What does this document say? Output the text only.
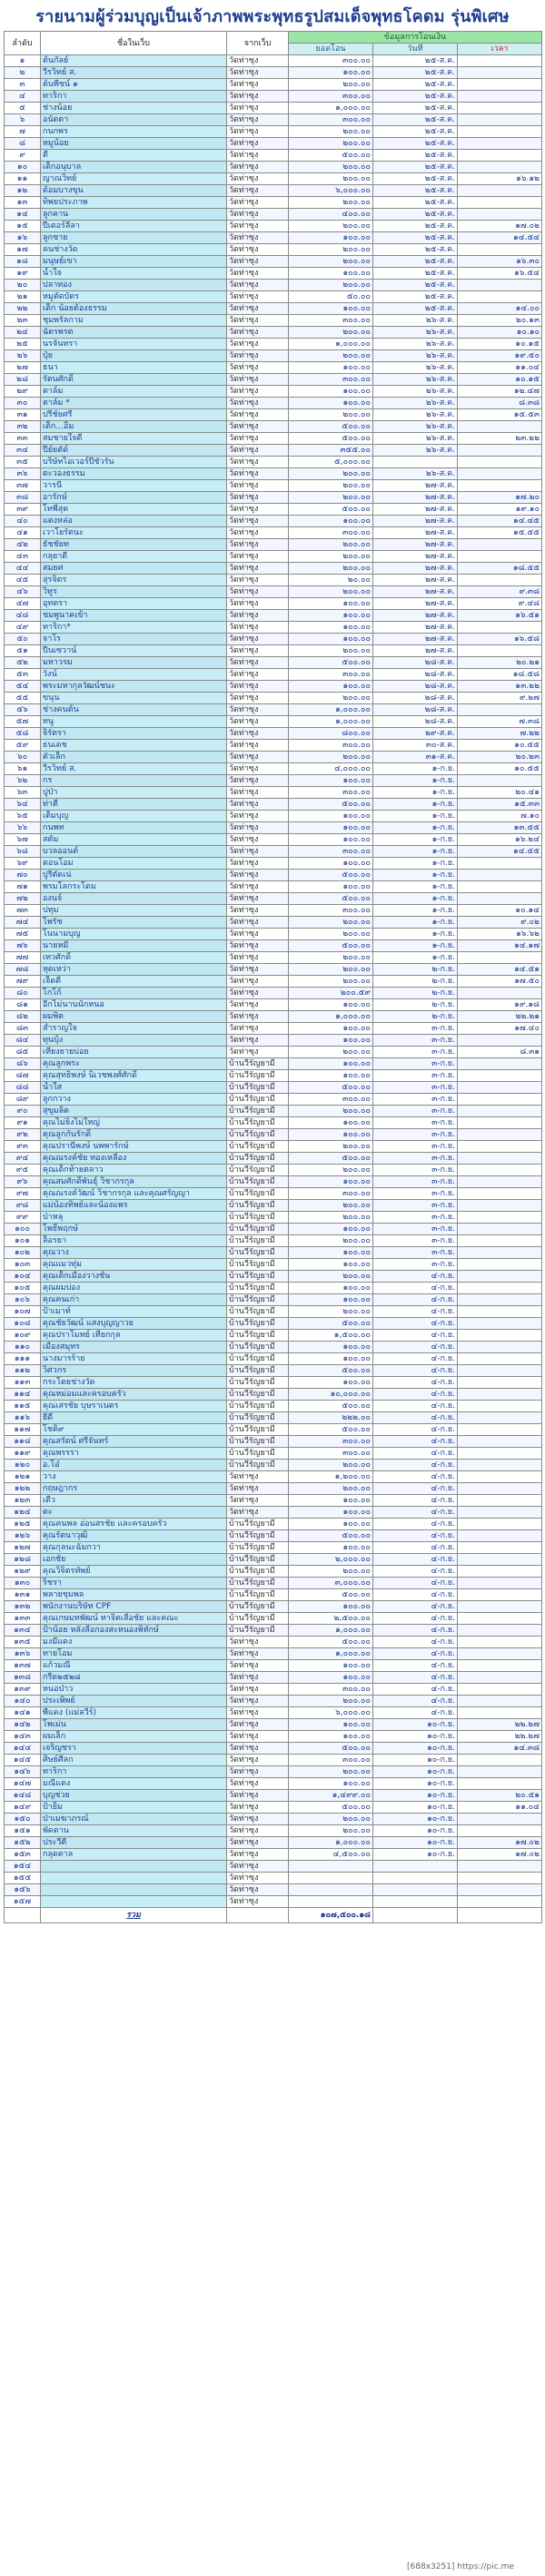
รายนามผู้ร่วมบุญเป็นเจ้าภาพพระพุทธรูปสมเด็จพุทธโคดม รุ่นพิเศษ
ลำดับ	ชื่อในเว็บ	จากเว็บ	ข้อมูลการโอนเงิน		
			ยอดโอน	วันที่	เวลา
๑	ต้นกัลย์	วัดท่าซุง	๓๐๐.๐๐	๒๕-ส.ค.	
๒	วีรวิทย์ ส.	วัดท่าซุง	๑๐๐.๐๐	๒๕-ส.ค.	
๓	ต้นพีชน์ ๑	วัดท่าซุง	๒๐๐.๐๐	๒๕-ส.ค.	
๔	ทาริกา	วัดท่าซุง	๓๐๐.๐๐	๒๕-ส.ค.	
๕	ช่างน้อย	วัดท่าซุง	๑,๐๐๐.๐๐	๒๕-ส.ค.	
๖	อนัตตา	วัดท่าซุง	๓๐๐.๐๐	๒๕-ส.ค.	
๗	กนกพร	วัดท่าซุง	๒๐๐.๐๐	๒๕-ส.ค.	
๘	หมูน้อย	วัดท่าซุง	๒๐๐.๐๐	๒๕-ส.ค.	
๙	ตี๋	วัดท่าซุง	๕๐๐.๐๐	๒๕-ส.ค.	
๑๐	เด็กอนุบาล	วัดท่าซุง	๒๐๐.๐๐	๒๕-ส.ค.	
๑๑	ญาณวิทย์	วัดท่าซุง	๒๐๐.๐๐	๒๕-ส.ค.	๑๖.๑๒
๑๒	ต้อมบางขุน	วัดท่าซุง	๖,๐๐๐.๐๐	๒๕-ส.ค.	
๑๓	ทิพยประภาพ	วัดท่าซุง	๒๐๐.๐๐	๒๕-ส.ค.	
๑๔	ลูกคาน	วัดท่าซุง	๔๐๐.๐๐	๒๕-ส.ค.	
๑๕	ปีเตอร์ลีลา	วัดท่าซุง	๒๐๐.๐๐	๒๕-ส.ค.	๑๗.๐๒
๑๖	ลูกชาย	วัดท่าซุง	๑๐๐.๐๐	๒๕-ส.ค.	๑๔.๕๔
๑๗	คนช่างวัด	วัดท่าซุง	๒๐๐.๐๐	๒๕-ส.ค.	
๑๘	มนุษย์เขา	วัดท่าซุง	๒๐๐.๐๐	๒๕-ส.ค.	๑๖.๓๐
๑๙	น้ำใจ	วัดท่าซุง	๑๐๐.๐๐	๒๕-ส.ค.	๑๖.๕๔
๒๐	ปลาทอง	วัดท่าซุง	๒๐๐.๐๐	๒๕-ส.ค.	
๒๑	หมูตัดบัตร	วัดท่าซุง	๕๐.๐๐	๒๕-ส.ค.	
๒๒	เด็ก น้อยต้องธรรม	วัดท่าซุง	๑๐๐.๐๐	๒๕-ส.ค.	๑๔.๐๐
๒๓	ชุมพรัลกาม	วัดท่าซุง	๓๐๐.๐๐	๒๖-ส.ค.	๒๐.๑๓
๒๔	ฉัตรพรต	วัดท่าซุง	๒๐๐.๐๐	๒๖-ส.ค.	๑๐.๑๐
๒๕	นรจันทรา	วัดท่าซุง	๑,๐๐๐.๐๐	๒๖-ส.ค.	๑๐.๑๕
๒๖	ปุ๋ย	วัดท่าซุง	๒๐๐.๐๐	๒๖-ส.ค.	๑๙.๕๐
๒๗	ธนา	วัดท่าซุง	๑๐๐.๐๐	๒๖-ส.ค.	๑๑.๐๔
๒๘	รัตนศักดิ์	วัดท่าซุง	๓๐๐.๐๐	๒๖-ส.ค.	๑๐.๑๕
๒๙	ตาล์ม	วัดท่าซุง	๑๐๐.๐๐	๒๖-ส.ค.	๑๒.๔๗
๓๐	ตาล์ม *	วัดท่าซุง	๑๐๐.๐๐	๒๖-ส.ค.	๘.๓๘
๓๑	ปรีชัยศรี	วัดท่าซุง	๒๐๐.๐๐	๒๖-ส.ค.	๑๕.๕๓
๓๒	เด็ก...อิ้ม	วัดท่าซุง	๕๐๐.๐๐	๒๖-ส.ค.	
๓๓	สมชายใจดี	วัดท่าซุง	๕๐๐.๐๐	๒๖-ส.ค.	๒๓.๒๒
๓๔	ปีย์ยตัด์	วัดท่าซุง	๓๕๕.๐๐	๒๖-ส.ค.	
๓๕	บริษัทไอเวอร์ปีชั่วรัน	วัดท่าซุง	๕,๐๐๐.๐๐		
๓๖	ตะวองธรรม	วัดท่าซุง	๒๐๐.๐๐	๒๖-ส.ค.	
๓๗	วารนี	วัดท่าซุง	๒๐๐.๐๐	๒๗-ส.ค.	
๓๘	อารักษ์	วัดท่าซุง	๒๐๐.๐๐	๒๗-ส.ค.	๑๗.๒๐
๓๙	โทพีสุด	วัดท่าซุง	๕๐๐.๐๐	๒๗-ส.ค.	๑๙.๑๐
๔๐	แตงหล่อ	วัดท่าซุง	๑๐๐.๐๐	๒๗-ส.ค.	๑๔.๔๕
๔๑	เวาโยรัตนะ	วัดท่าซุง	๓๐๐.๐๐	๒๗-ส.ค.	๑๕.๕๕
๔๒	ธัชชัยท	วัดท่าซุง	๒๐๐.๐๐	๒๗-ส.ค.	
๔๓	กลุยาดี	วัดท่าซุง	๒๐๐.๐๐	๒๗-ส.ค.	
๔๔	สมยศ	วัดท่าซุง	๒๐๐.๐๐	๒๗-ส.ค.	๑๘.๕๕
๔๕	สุรจิตร	วัดท่าซุง	๒๐.๐๐	๒๗-ส.ค.	
๔๖	วิทูร	วัดท่าซุง	๒๐๐.๐๐	๒๗-ส.ค.	๙.๓๘
๔๗	อุทตรา	วัดท่าซุง	๑๐๐.๐๐	๒๗-ส.ค.	๙.๔๘
๔๘	ชมพูนาคเข้า	วัดท่าซุง	๑๐๐.๐๐	๒๗-ส.ค.	๑๖.๕๑
๔๙	ทาริกา*	วัดท่าซุง	๑๐๐.๐๐	๒๗-ส.ค.	
๕๐	จาโร	วัดท่าซุง	๑๐๐.๐๐	๒๗-ส.ค.	๑๖.๕๘
๕๑	ปีนเซวาน์	วัดท่าซุง	๒๐๐.๐๐	๒๗-ส.ค.	
๕๒	มหาวรม	วัดท่าซุง	๕๐๐.๐๐	๒๘-ส.ค.	๒๐.๒๑
๕๓	วังน์	วัดท่าซุง	๓๐๐.๐๐	๒๘-ส.ค.	๑๘.๕๘
๕๔	พระมหากุลวัฒน์ชนะ	วัดท่าซุง	๑๐๐.๐๐	๒๘-ส.ค.	๑๓.๒๒
๕๕	ขนุน	วัดท่าซุง	๒๐๐.๐๐	๒๘-ส.ค.	๙.๒๗
๕๖	ช่างคนต้น	วัดท่าซุง	๑,๐๐๐.๐๐	๒๘-ส.ค.	
๕๗	ทนู	วัดท่าซุง	๑,๐๐๐.๐๐	๒๘-ส.ค.	๗.๓๘
๕๘	จิรัตรา	วัดท่าซุง	๘๐๐.๐๐	๒๙-ส.ค.	๗.๒๒
๕๙	ธนเดช	วัดท่าซุง	๓๐๐.๐๐	๓๐-ส.ค.	๑๐.๕๕
๖๐	ตัวเล็ก	วัดท่าซุง	๒๐๐.๐๐	๓๑-ส.ค.	๒๐.๒๓
๖๑	วีรวิทย์ ส.	วัดท่าซุง	๔,๐๐๐.๐๐	๑-ก.ย.	๑๐.๕๕
๖๒	กร	วัดท่าซุง	๑๐๐.๐๐	๑-ก.ย.	
๖๓	ปูป่า	วัดท่าซุง	๓๐๐.๐๐	๑-ก.ย.	๒๐.๔๑
๖๔	ท่าตี	วัดท่าซุง	๕๐๐.๐๐	๑-ก.ย.	๑๕.๓๓
๖๕	เต็มบุญ	วัดท่าซุง	๑๐๐.๐๐	๑-ก.ย.	๗.๑๐
๖๖	กนพท	วัดท่าซุง	๑๐๐.๐๐	๑-ก.ย.	๑๓.๕๕
๖๗	สตัม	วัดท่าซุง	๑๐๐.๐๐	๑-ก.ย.	๑๖.๒๔
๖๘	บวลออนต์	วัดท่าซุง	๓๐๐.๐๐	๑-ก.ย.	๑๔.๕๕
๖๙	ตอนโอม	วัดท่าซุง	๑๐๐.๐๐	๑-ก.ย.	
๗๐	ปูรีตัดเน่	วัดท่าซุง	๕๐๐.๐๐	๑-ก.ย.	
๗๑	พรมโลกระโดม	วัดท่าซุง	๑๐๐.๐๐	๑-ก.ย.	
๗๒	องนจ์	วัดท่าซุง	๕๐๐.๐๐	๑-ก.ย.	
๗๓	ปทุม	วัดท่าซุง	๓๐๐.๐๐	๑-ก.ย.	๑๐.๑๔
๗๔	โพรัช	วัดท่าซุง	๒๐๐.๐๐	๑-ก.ย.	๙.๐๒
๗๕	โนนามบุญ	วัดท่าซุง	๒๐๐.๐๐	๑-ก.ย.	๑๖.๖๒
๗๖	นายหมี	วัดท่าซุง	๕๐๐.๐๐	๑-ก.ย.	๑๔.๑๗
๗๗	เทวศักดิ์	วัดท่าซุง	๒๐๐.๐๐	๑-ก.ย.	
๗๘	หุดเหว่า	วัดท่าซุง	๒๐๐.๐๐	๒-ก.ย.	๑๔.๕๑
๗๙	เจ็ดดี	วัดท่าซุง	๒๐๐.๐๐	๒-ก.ย.	๑๗.๕๐
๘๐	โกโก้	วัดท่าซุง	๒๐๐.๕๙	๒-ก.ย.	
๘๑	อีกไม่นานนักหนอ	วัดท่าซุง	๑๐๐.๐๐	๒-ก.ย.	๑๙.๑๘
๘๒	ผมพิต	วัดท่าซุง	๑,๐๐๐.๐๐	๒-ก.ย.	๒๒.๒๑
๘๓	สำราญใจ	วัดท่าซุง	๑๐๐.๐๐	๓-ก.ย.	๑๗.๔๐
๘๔	ทุนบุ้ง	วัดท่าซุง	๑๐๐.๐๐	๓-ก.ย.	
๘๕	เที่ยงยายบ่อย	วัดท่าซุง	๒๐๐.๐๐	๓-ก.ย.	๘.๓๑
๘๖	คุณลูกพระ	บ้านวีรัญยามี	๑๐๐.๐๐	๓-ก.ย.	
๘๗	คุณสุทธิพงษ์ นิเวชพงศ์ศักดิ์	บ้านวีรัญยามี	๑๐๐.๐๐	๓-ก.ย.	
๘๘	น้ำใส	บ้านวีรัญยามี	๕๐๐.๐๐	๓-ก.ย.	
๘๙	ลูกกวาง	บ้านวีรัญยามี	๓๐๐.๐๐	๓-ก.ย.	
๙๐	สุขุมลิต	บ้านวีรัญยามี	๒๐๐.๐๐	๓-ก.ย.	
๙๑	คุณไม่ยิ่งไม่ใหญ่	บ้านวีรัญยามี	๑๐๐.๐๐	๓-ก.ย.	
๙๒	คุณลูกกันรักดิ์	บ้านวีรัญยามี	๑๐๐.๐๐	๓-ก.ย.	
๙๓	คุณปรานีพงษ์ นพพารักษ์	บ้านวีรัญยามี	๒๐๐.๐๐	๓-ก.ย.	
๙๔	คุณณรงค์ชัย ทองเหลือง	บ้านวีรัญยามี	๕๐๐.๐๐	๓-ก.ย.	
๙๕	คุณเด็กท้ายตลาว	บ้านวีรัญยามี	๒๐๐.๐๐	๓-ก.ย.	
๙๖	คุณสมศักดิ์พันธุ์ วิชากรกุล	บ้านวีรัญยามี	๑๐๐.๐๐	๓-ก.ย.	
๙๗	คุณณรงค์วัฒน์ วิชากรกุล และคุณศรัญญา	บ้านวีรัญยามี	๓๐๐.๐๐	๓-ก.ย.	
๙๘	แม่น้องทิพย์และน้องแพร	บ้านวีรัญยามี	๒๐๐.๐๐	๓-ก.ย.	
๙๙	ป่าหลุ	บ้านวีรัญยามี	๒๐๐.๐๐	๓-ก.ย.	
๑๐๐	โพธิ์พฤกษ์	บ้านวีรัญยามี	๑๐๐.๐๐	๓-ก.ย.	
๑๐๑	ล็อรยา	บ้านวีรัญยามี	๒๐๐.๐๐	๓-ก.ย.	
๑๐๒	คุณวาง	บ้านวีรัญยามี	๑๐๐.๐๐	๓-ก.ย.	
๑๐๓	คุณแมวทุ่ม	บ้านวีรัญยามี	๑๐๐.๐๐	๓-ก.ย.	
๑๐๔	คุณเด็กเมืองวางชั้น	บ้านวีรัญยามี	๒๐๐.๐๐	๔-ก.ย.	
๑๐๕	คุณผมบ่อง	บ้านวีรัญยามี	๑๐๐.๐๐	๔-ก.ย.	
๑๐๖	คุณคนเก่า	บ้านวีรัญยามี	๑๐๐.๐๐	๔-ก.ย.	
๑๐๗	ป้าเมาท์	บ้านวีรัญยามี	๒๐๐.๐๐	๔-ก.ย.	
๑๐๘	คุณชัยวัฒน์ แสงบุญญาวย	บ้านวีรัญยามี	๕๐๐.๐๐	๔-ก.ย.	
๑๐๙	คุณปราโมทย์ เทียกกุล	บ้านวีรัญยามี	๑,๕๐๐.๐๐	๔-ก.ย.	
๑๑๐	เมืองสมุทร	บ้านวีรัญยามี	๑๐๐.๐๐	๔-ก.ย.	
๑๑๑	นางมารร้าย	บ้านวีรัญยามี	๑๐๐.๐๐	๔-ก.ย.	
๑๑๒	วิศวกร	บ้านวีรัญยามี	๕๐๐.๐๐	๔-ก.ย.	
๑๑๓	กระโดยช่างวัด	บ้านวีรัญยามี	๑๐๐.๐๐	๔-ก.ย.	
๑๑๔	คุณหม่อมและครอบครัว	บ้านวีรัญยามี	๑๐,๐๐๐.๐๐	๔-ก.ย.	
๑๑๕	คุณเสรชัย บุษราเนตร	บ้านวีรัญยามี	๕๐๐.๐๐	๔-ก.ย.	
๑๑๖	ยีดี	บ้านวีรัญยามี	๒๒๒.๐๐	๔-ก.ย.	
๑๑๗	โชติ๙	บ้านวีรัญยามี	๕๐๐.๐๐	๔-ก.ย.	
๑๑๘	คุณสรัตน์ ศรีจันทร์	บ้านวีรัญยามี	๓๐๐.๐๐	๔-ก.ย.	
๑๑๙	คุณพรรรา	บ้านวีรัญยามี	๓๐๐.๐๐	๔-ก.ย.	
๑๒๐	อ.โอ๋	บ้านวีรัญยามี	๒๐๐.๐๐	๔-ก.ย.	
๑๒๑	วาง	วัดท่าซุง	๑,๒๐๐.๐๐	๔-ก.ย.	
๑๒๒	กฤษฎากร	วัดท่าซุง	๒๐๐.๐๐	๔-ก.ย.	
๑๒๓	เดี๋ว	วัดท่าซุง	๑๐๐.๐๐	๔-ก.ย.	
๑๒๔	ตะ	วัดท่าซุง	๑๐๐.๐๐	๔-ก.ย.	
๑๒๕	คุณคนพล อ่อนสรชัย และครอบครัว	บ้านวีรัญยามี	๑๐๐.๐๐	๔-ก.ย.	
๑๒๖	คุณรัตนาวุฒิ	บ้านวีรัญยามี	๕๐๐.๐๐	๔-ก.ย.	
๑๒๗	คุณกุลนะฉัมกวา	บ้านวีรัญยามี	๑๐๐.๐๐	๔-ก.ย.	
๑๒๘	เอกชัย	บ้านวีรัญยามี	๒,๐๐๐.๐๐	๔-ก.ย.	
๑๒๙	คุณวิจิตรทัพย์	บ้านวีรัญยามี	๒๐๐.๐๐	๔-ก.ย.	
๑๓๐	ริชรา	บ้านวีรัญยามี	๓,๐๐๐.๐๐	๔-ก.ย.	
๑๓๑	พลายชุมพล	บ้านวีรัญยามี	๕๐๐.๐๐	๔-ก.ย.	
๑๓๒	พนักงานบริษัท CPF	บ้านวีรัญยามี	๑๐๐.๐๐	๔-ก.ย.	
๑๓๓	คุณเกษมทพัฒน์ ทาจิตเลือชัย และคณะ	บ้านวีรัญยามี	๒,๕๐๐.๐๐	๔-ก.ย.	
๑๓๔	ป้าน้อย หลังลือกองสะหนองพิทักษ์	บ้านวีรัญยามี	๑,๐๐๐.๐๐	๔-ก.ย.	
๑๓๕	มงมีแดง	วัดท่าซุง	๕๐๐.๐๐	๔-ก.ย.	
๑๓๖	ทายโอม	วัดท่าซุง	๑,๐๐๐.๐๐	๔-ก.ย.	
๑๓๗	แก้วมณี	วัดท่าซุง	๑๐๐.๐๐	๔-ก.ย.	
๑๓๘	กรีด๒๕๒๘	วัดท่าซุง	๑๐๐.๐๐	๔-ก.ย.	
๑๓๙	หนอป่าว	วัดท่าซุง	๓๐๐.๐๐	๔-ก.ย.	
๑๔๐	ประเพิพย์	วัดท่าซุง	๒๐๐.๐๐	๔-ก.ย.	
๑๔๑	พี่แดง (แม่ลวีร์)	วัดท่าซุง	๖,๐๐๐.๐๐	๔-ก.ย.	
๑๔๒	โพเม่น	วัดท่าซุง	๑๐๐.๐๐	๑๐-ก.ย.	๒๒.๒๗
๑๔๓	ผมเล็ก	วัดท่าซุง	๑๐๐.๐๐	๑๐-ก.ย.	๒๒.๒๗
๑๔๔	เจริญชรา	วัดท่าซุง	๕๐๐.๐๐	๑๐-ก.ย.	๑๔.๓๘
๑๔๕	ศิษย์ศีลก	วัดท่าซุง	๓๐๐.๐๐	๑๐-ก.ย.	
๑๔๖	ทาริกา	วัดท่าซุง	๒๐๐.๐๐	๑๐-ก.ย.	
๑๔๗	มณีแดง	วัดท่าซุง	๑๐๐.๐๐	๑๐-ก.ย.	
๑๔๘	บุญช่วย	วัดท่าซุง	๑,๔๙๙.๐๐	๑๐-ก.ย.	๒๐.๕๑
๑๔๙	ป้ายิ้ม	วัดท่าซุง	๕๐๐.๐๐	๑๐-ก.ย.	๑๑.๐๔
๑๕๐	ป่าเมฆาภรณ์	วัดท่าซุง	๒๐๐.๐๐	๑๐-ก.ย.	
๑๕๑	พัดตาน	วัดท่าซุง	๒๐๐.๐๐	๑๐-ก.ย.	
๑๕๒	ประวีดี	วัดท่าซุง	๑,๐๐๐.๐๐	๑๐-ก.ย.	๑๗.๐๒
๑๕๓	กลุดตาล	วัดท่าซุง	๔,๕๐๐.๐๐	๑๐-ก.ย.	๑๗.๐๒
๑๕๔		วัดท่าซุง			
๑๕๕		วัดท่าซุง			
๑๕๖		วัดท่าซุง			
๑๕๗		วัดท่าซุง			
	รวม		๑๐๗,๕๐๐.๑๘		
[688x3251] https://pic.me
